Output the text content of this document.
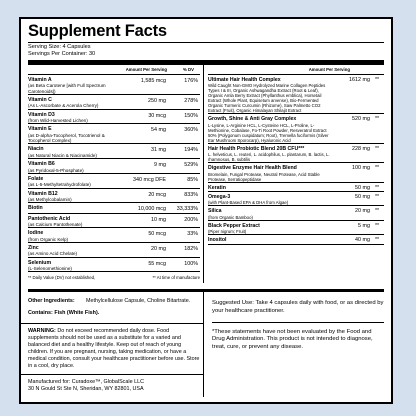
Supplement Facts
Serving Size: 4 Capsules
Servings Per Container: 30
Amount Per Serving	% DV
Vitamin A
(as Beta Carotene [with Full Spectrum Carotenoids])
1,585 mcg	176%
Vitamin C
(As L-Ascorbate & Acerola Cherry)
250 mg	278%
Vitamin D3
(from Wild-Harvested Lichen)
30 mcg	150%
Vitamin E
(as D-alpha-Tocopherol, Tocotrienol & Tocopherol Complex)
54 mg	360%
Niacin
(as Natural Niacin & Niacinamide)
31 mg	194%
Vitamin B6
(as Pyridoxal-5-Phosphate)
9 mg	529%
Folate
(as L-5-Methyltetrahydrofolate)
340 mcg DFE	85%
Vitamin B12
(as Methylcobalamin)
20 mcg	833%
Biotin	10,000 mcg	33,333%
Pantothenic Acid
(as Calcium Pantothenate)
10 mg	200%
Iodine
(from Organic Kelp)
50 mcg	33%
Zinc
(as Amino Acid Chelate)
20 mg	182%
Selenium
(L-Selenomethionine)
55 mcg	100%
** Daily Value (DV) not established,	** At time of manufacture
Amount Per Serving
Ultimate Hair Health Complex
Wild Caught Non-GMO Hydrolyzed Marine Collagen Peptides Types I & III, Organic Ashwagandha Extract (Root & Leaf), Organic Amla Berry Extract (Phyllanthus emblica), Horsetail Extract (Whole Plant, Equisetum arvense), Bio-Fermented Organic Turmeric Curcumin (Rhizome), Saw Palmetto CO2 Extract (Fruit), Organic Himalayan Shilajit Extract
1612 mg **
Growth, Shine & Anti Gray Complex
L-Lysine, L-Arginine HCL, L-Cysteine HCL, L-Proline, L-Methionine, Cobalase, Fo-Ti Root Powder, Resveratrol Extract 50% (Polygonum cuspidatum; Root), Tremella fuciformis (Silver Ear Mushroom Sporocarp), Hyaluronic Acid
520 mg **
Hair Health Probiotic Blend 20B CFU***
L. helveticus, L. reuteri, L. acidophilus, L. plantarum, B. lactis, L. rhamnosus, B. subtilis
228 mg **
Digestive Enzyme Hair Health Blend
Bromelain, Fungal Protease, Neutral Protease, Acid Stable Protease, Serratiopeptidase
100 mg **
Keratin	50 mg **
Omega-3
(with Plant-Based EPA & DHA from Algae)
50 mg **
Silica
(from Organic Bamboo)
20 mg **
Black Pepper Extract
(Piper nigrum; Fruit)
5 mg **
Inositol	40 mg **
Other Ingredients:	Methylcellulose Capsule, Choline Bitartrate.
Contains: Fish (White Fish).
WARNING: Do not exceed recommended daily dose. Food supplements should not be used as a substitute for a varied and balanced diet and a healthy lifestyle. Keep out of reach of young children. If you are pregnant, nursing, taking medication, or have a medical condition, consult your healthcare practitioner before use. Store in a cool, dry place.
Manufactured for: Curadoxe™, GlobalScale LLC
30 N Gould St Ste N, Sheridan, WY 82801, USA
Suggested Use: Take 4 capsules daily with food, or as directed by your healthcare practitioner.
*These statements have not been evaluated by the Food and Drug Administration. This product is not intended to diagnose, treat, cure, or prevent any disease.
